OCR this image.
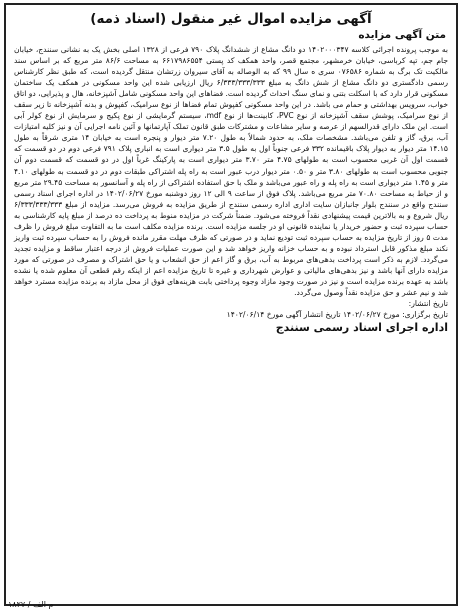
آگهی مزایده اموال غیر منقول (اسناد ذمه)
متن آگهی مزایده

به موجب پرونده اجرائی کلاسه ۱۴۰۲۰۰۰۳۴۷ دو دانگ مشاع از ششدانگ پلاک ۷۹۰ فرعی از ۱۳۲۸ اصلی بخش یک به نشانی سنندج، خیابان جام جم، تپه کرباسی، خیابان خرمشهر، مجتمع قصر، واحد همکف کد پستی ۶۶۱۷۹۸۶۵۵۴ به مساحت ۸۶/۶ متر مربع که بر اساس سند مالکیت تک برگ به شماره ۰۷۶۵۸۶ سری ه سال ۹۹ که به الوصاله به آقای سیروان زرتشان منتقل گردیده است، که طبق نظر کارشناس رسمی دادگستری دو دانگ مشاع از شش دانگ به مبلغ ۶/۳۳۳/۳۳۳/۳۳۳ ریال ارزیابی شده این واحد مسکونی در همکف یک ساختمان مسکونی قرار دارد که با اسکلت بتنی و نمای سنگ احداث گردیده است. فضاهای این واحد مسکونی شامل آشپزخانه، هال و پذیرایی، دو اتاق خواب، سرویس بهداشتی و حمام می باشد. در این واحد مسکونی کفپوش تمام فضاها از نوع سرامیک، کفپوش و بدنه آشپزخانه تا زیر سقف از نوع سرامیک، پوشش سقف آشپزخانه از نوع PVC، کابینت‌ها از نوع mdf، سیستم گرمایشی از نوع پکیج و سرمایش از نوع کولر آبی است. این ملک دارای قدرالسهم از عرصه و سایر مشاعات و مشترکات طبق قانون تملک آپارتمانها و آئین نامه اجرایی آن و نیز کلیه امتیازات آب، برق، گاز و تلفن می‌باشد. مشخصات ملک، به حدود شمالاً به طول ۷.۲۰ متر دیوار و پنجره است به خیابان ۱۴ متری شرقاً به طول ۱۴.۱۵ متر دیوار به دیوار پلاک باقیمانده ۳۳۲ فرعی جنوباً اول به طول ۳.۵ متر دیواری است به انباری پلاک ۷۹۱ فرعی دوم در دو قسمت که قسمت اول آن غربی محسوب است به طولهای ۴.۷۵ متر ۳.۷۰ متر دیواری است به پارکینگ غرباً اول در دو قسمت که قسمت دوم آن جنوبی محسوب است به طولهای ۳.۸۰ متر و ۰.۵۰ متر دیوار درب عبور است به راه پله اشتراکی طبقات دوم در دو قسمت به طولهای ۴.۱۰ متر و ۱.۴۵ متر دیواری است به راه پله و راه عبور می‌باشد و ملک با حق استفاده اشتراکی از راه پله و آسانسور به مساحت ۲۹.۴۵ متر مربع و از حیاط به مساحت ۷۰.۸۰ متر مربع می‌باشد. پلاک فوق از ساعت ۹ الی ۱۲ روز دوشنبه مورخ ۱۴۰۲/۰۶/۲۷ در اداره اجرای اسناد رسمی سنندج واقع در سنندج بلوار جانبازان سایت اداری اداره رسمی سنندج از طریق مزایده به فروش می‌رسد. مزایده از مبلغ ۶/۳۳۳/۳۳۳/۳۳۳ ریال شروع و به بالاترین قیمت پیشنهادی نقداً فروخته می‌شود. ضمناً شرکت در مزایده منوط به پرداخت ده درصد از مبلغ پایه کارشناسی به حساب سپرده ثبت و حضور خریدار یا نماینده قانونی او در جلسه مزایده است. برنده مزایده مکلف است ما به التفاوت مبلغ فروش را ظرف مدت ۵ روز از تاریخ مزایده به حساب سپرده ثبت تودیع نماید و در صورتی که ظرف مهلت مقرر مانده فروش را به حساب سپرده ثبت واریز نکند مبلغ مذکور قابل استرداد نبوده و به حساب خزانه واریز خواهد شد و این صورت عملیات فروش از درجه اعتبار ساقط و مزایده تجدید می‌گردد. لازم به ذکر است پرداخت بدهی‌های مربوط به آب، برق و گاز اعم از حق انشعاب و یا حق اشتراک و مصرف در صورتی که مورد مزایده دارای آنها باشد و نیز بدهی‌های مالیاتی و عوارض شهرداری و غیره تا تاریخ مزایده اعم از اینکه رقم قطعی آن معلوم شده یا نشده باشد به عهده برنده مزایده است و نیز در صورت وجود مازاد وجوه پرداختی بابت هزینه‌های فوق از محل مازاد به برنده مزایده مسترد خواهد شد و نیم عشر و حق مزایده نقداً وصول می‌گردد.

تاریخ انتشار:
تاریخ برگزاری: مورخ ۱۴۰۲/۰۶/۲۷ تاریخ انتشار آگهی مورخ ۱۴۰۲/۰۶/۱۴
اداره اجرای اسناد رسمی سنندج
م الف / ۱۸۲۷
